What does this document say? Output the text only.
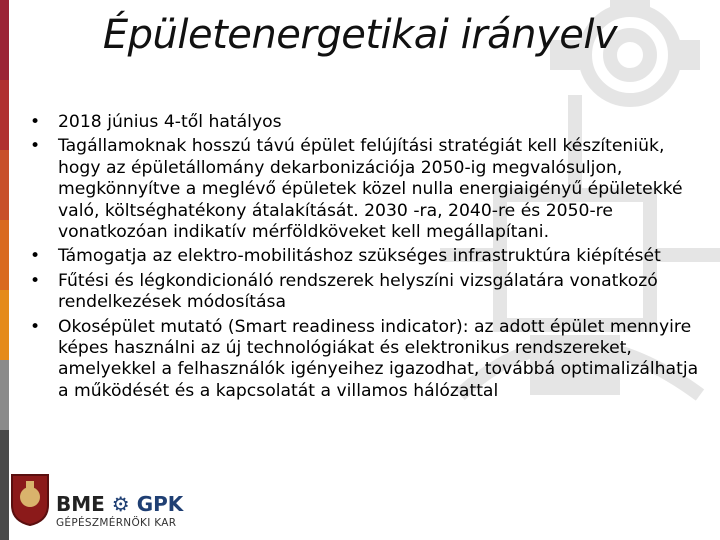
Épületenergetikai irányelv
• 2018 június 4-től hatályos
• Tagállamoknak hosszú távú épület felújítási stratégiát kell készíteniük, hogy az épületállomány dekarbonizációja 2050-ig megvalósuljon, megkönnyítve a meglévő épületek közel nulla energiaigényű épületekké való, költséghatékony átalakítását. 2030 -ra, 2040-re és 2050-re vonatkozóan indikatív mérföldköveket kell megállapítani.
• Támogatja az elektro-mobilitáshoz szükséges infrastruktúra kiépítését
• Fűtési és légkondicionáló rendszerek helyszíni vizsgálatára vonatkozó rendelkezések módosítása
• Okosépület mutató (Smart readiness indicator): az adott épület mennyire képes használni az új technológiákat és elektronikus rendszereket, amelyekkel a felhasználók igényeihez igazodhat, továbbá optimalizálhatja a működését és a kapcsolatát a villamos hálózattal
BME ⚙ GPK
GÉPÉSZMÉRNÖKI KAR
